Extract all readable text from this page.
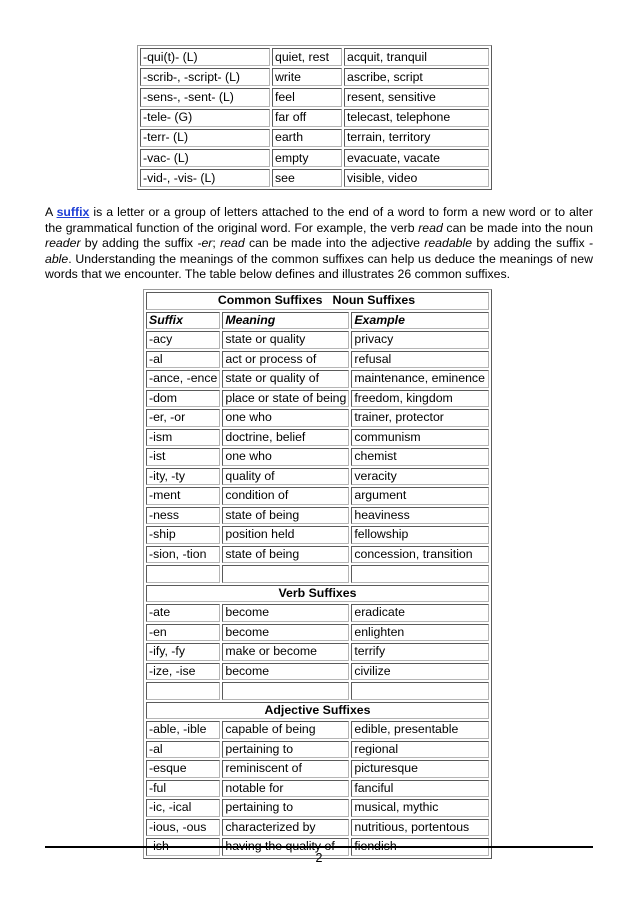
-qui(t)- (L)	quiet, rest	acquit, tranquil
-scrib-, -script- (L)	write	ascribe, script
-sens-, -sent- (L)	feel	resent, sensitive
-tele- (G)	far off	telecast, telephone
-terr- (L)	earth	terrain, territory
-vac- (L)	empty	evacuate, vacate
-vid-, -vis- (L)	see	visible, video

A suffix is a letter or a group of letters attached to the end of a word to form a new word or to alter the grammatical function of the original word. For example, the verb read can be made into the noun reader by adding the suffix -er; read can be made into the adjective readable by adding the suffix -able. Understanding the meanings of the common suffixes can help us deduce the meanings of new words that we encounter. The table below defines and illustrates 26 common suffixes.

Common Suffixes Noun Suffixes		
Suffix	Meaning	Example
-acy	state or quality	privacy
-al	act or process of	refusal
-ance, -ence	state or quality of	maintenance, eminence
-dom	place or state of being	freedom, kingdom
-er, -or	one who	trainer, protector
-ism	doctrine, belief	communism
-ist	one who	chemist
-ity, -ty	quality of	veracity
-ment	condition of	argument
-ness	state of being	heaviness
-ship	position held	fellowship
-sion, -tion	state of being	concession, transition

Verb Suffixes		
-ate	become	eradicate
-en	become	enlighten
-ify, -fy	make or become	terrify
-ize, -ise	become	civilize

Adjective Suffixes		
-able, -ible	capable of being	edible, presentable
-al	pertaining to	regional
-esque	reminiscent of	picturesque
-ful	notable for	fanciful
-ic, -ical	pertaining to	musical, mythic
-ious, -ous	characterized by	nutritious, portentous
-ish	having the quality of	fiendish
2
